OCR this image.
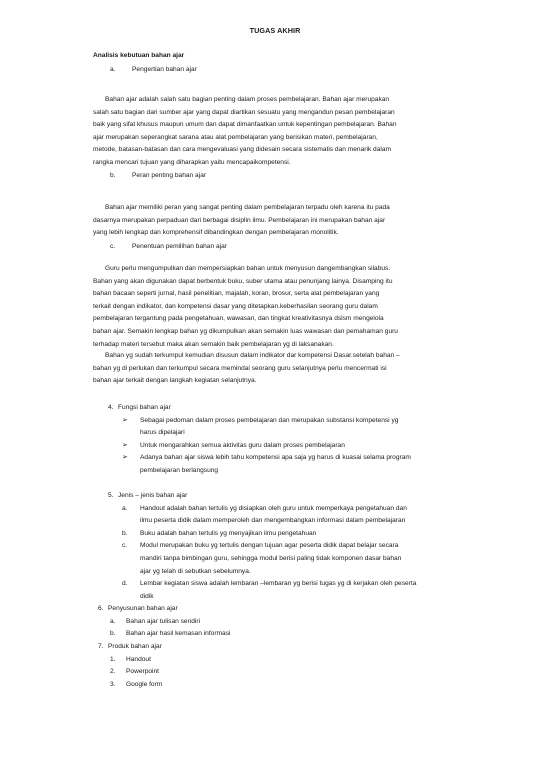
TUGAS AKHIR
Analisis kebutuan bahan ajar
a.	Pengertian bahan ajar
Bahan ajar adalah salah satu bagian penting dalam proses pembelajaran. Bahan ajar merupakan
salah satu bagian dari sumber ajar yang dapat diartikan sesuatu yang mengandun pesan pembelajaran
baik yang sifat khusus maupun umum dan dapat dimanfaatkan untuk kepentingan pembelajaran. Bahan
ajar merupakan seperangkat sarana atau alat pembelajaran yang berisikan materi, pembelajaran,
metode, batasan-batasan dan cara mengevaluasi yang didesain secara sistematis dan menarik dalam
rangka mencari tujuan yang diharapkan yaitu mencapaikompetensi.
b.	Peran penting bahan ajar
Bahan ajar memiliki peran yang sangat penting dalam pembelajaran terpadu oleh karena itu pada
dasarnya merupakan perpaduan dari berbagai disiplin ilmu. Pembelajaran ini merupakan bahan ajar
yang lebih lengkap dan komprehensif dibandingkan dengan pembelajaran monolitik.
c.	Penentuan pemilihan bahan ajar
Guru perlu mengumpulkan dan mempersiapkan bahan untuk menyusun dangembangkan silabus.
Bahan yang akan digunakan dapat berbentuk buku, suber utama atau penunjang lainya. Disamping itu
bahan bacaan seperti jurnal, hasil penelitian, majalah, koran, brosur, serta alat pembelajaran yang
terkait dengan indikator, dan kompetensi dasar yang ditetapkan.keberhasilan seorang guru dalam
pembelajaran tergantung pada pengetahuan, wawasan, dan tingkat kreativitasnya dslsm mengelola
bahan ajar. Semakin lengkap bahan yg dikumpulkan akan semakin luas wawasan dan pemahaman guru
terhadap materi tersebut maka akan semakin baik pembelajaran yg di laksanakan.
Bahan yg sudah terkumpul kemudian disusun dalam indikator dar kompetensi Dasar.setelah bahan –
bahan yg di perlukan dan terkumpul secara memindai seorang guru selanjutnya perlu mencermati isi
bahan ajar terkait dengan langkah kegiatan selanjutnya.
4. Fungsi bahan ajar
➢ Sebagai pedoman dalam proses pembelajaran dan merupakan substansi kompetensi yg
harus dipelajari
➢ Untuk mengarahkan semua aktivitas guru dalam proses pembelajaran
➢ Adanya bahan ajar siswa lebih tahu kompetensi apa saja yg harus di kuasai selama program
pembelajaran berlangsung
5. Jenis – jenis bahan ajar
a. Handout adalah bahan tertulis yg disiapkan oleh guru untuk memperkaya pengetahuan dan
ilmu peserta didik dalam memperoleh dan mengembangkan informasi dalam pembelajaran
b. Buku adalah bahan tertulis yg menyajikan ilmu pengetahuan
c. Modul merupakan buku yg tertulis dengan tujuan agar peserta didik dapat belajar secara
mandiri tanpa bimbingan guru, sehingga modul berisi paling tidak komponen dasar bahan
ajar yg telah di sebutkan sebelumnya.
d. Lembar kegiatan siswa adalah lembaran –lembaran yg berisi tugas yg di kerjakan oleh peserta
didik
6. Penyusunan bahan ajar
a. Bahan ajar tulisan sendiri
b. Bahan ajar hasil kemasan informasi
7. Produk bahan ajar
1. Handout
2. Powerpoint
3. Google form
